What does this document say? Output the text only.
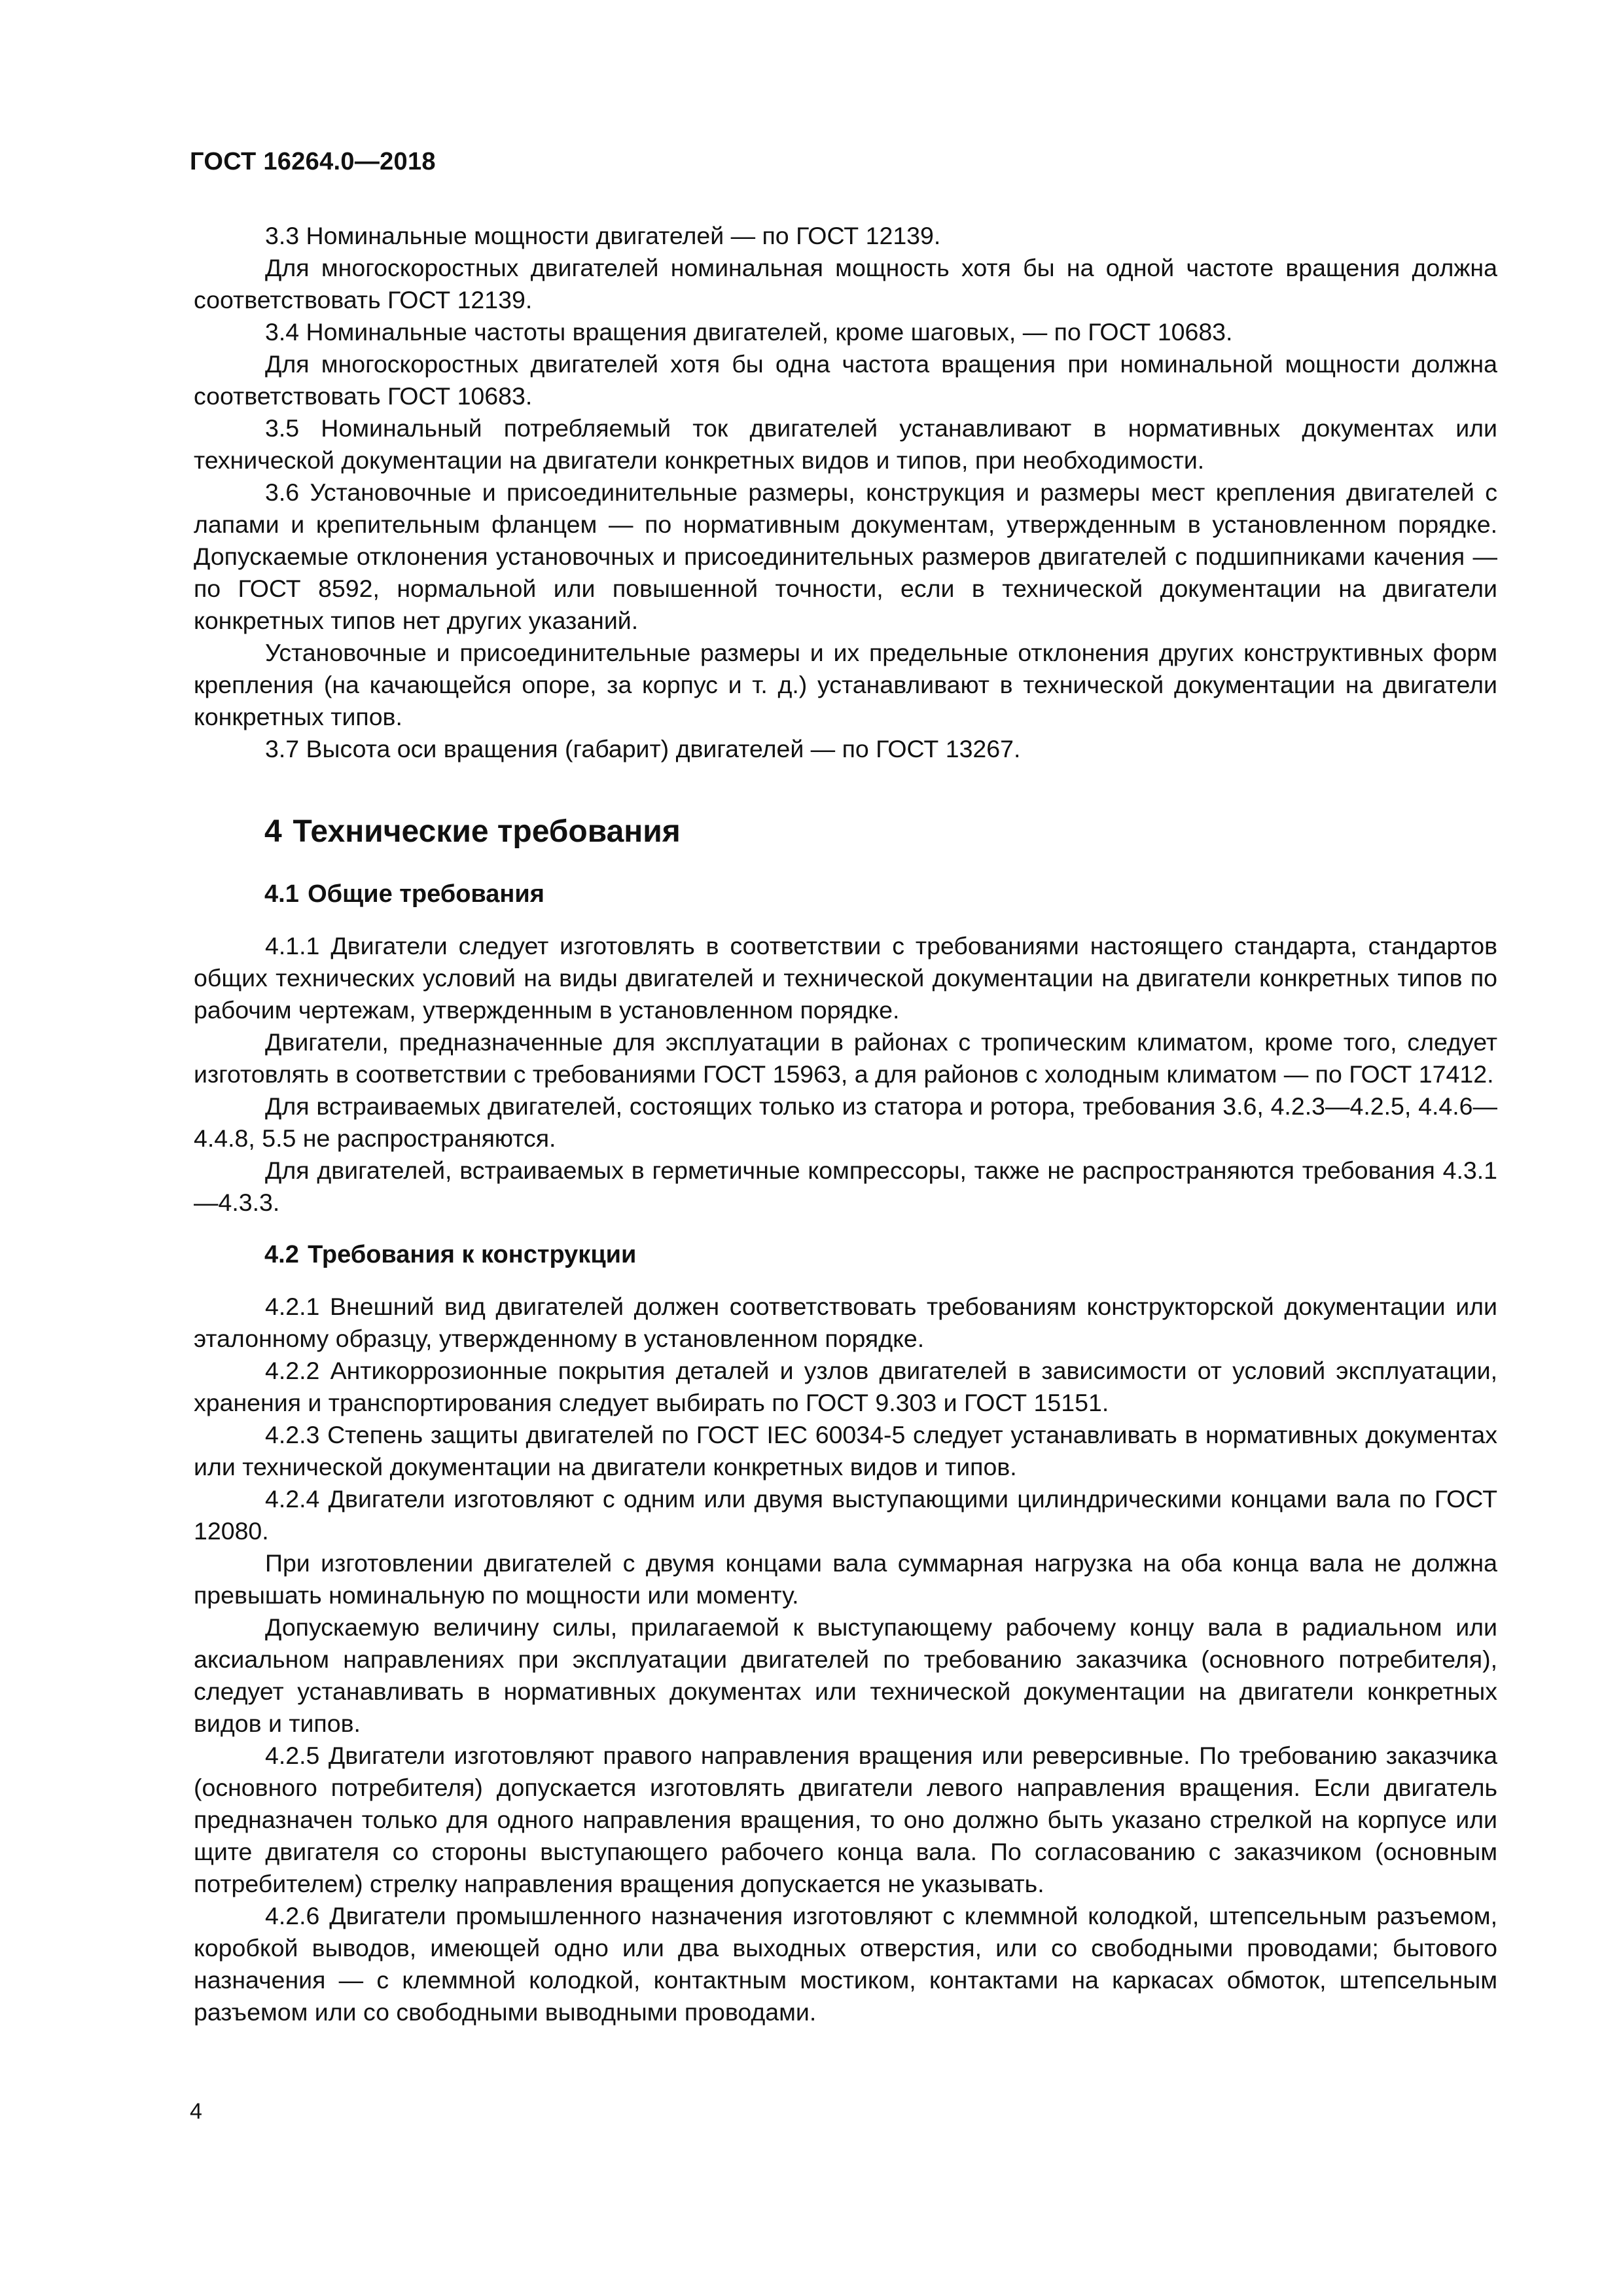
ГОСТ 16264.0—2018

3.3 Номинальные мощности двигателей — по ГОСТ 12139.

Для многоскоростных двигателей номинальная мощность хотя бы на одной частоте вращения должна соответствовать ГОСТ 12139.

3.4 Номинальные частоты вращения двигателей, кроме шаговых, — по ГОСТ 10683.

Для многоскоростных двигателей хотя бы одна частота вращения при номинальной мощности должна соответствовать ГОСТ 10683.

3.5 Номинальный потребляемый ток двигателей устанавливают в нормативных документах или технической документации на двигатели конкретных видов и типов, при необходимости.

3.6 Установочные и присоединительные размеры, конструкция и размеры мест крепления двигателей с лапами и крепительным фланцем — по нормативным документам, утвержденным в установленном порядке. Допускаемые отклонения установочных и присоединительных размеров двигателей с подшипниками качения — по ГОСТ 8592, нормальной или повышенной точности, если в технической документации на двигатели конкретных типов нет других указаний.

Установочные и присоединительные размеры и их предельные отклонения других конструктивных форм крепления (на качающейся опоре, за корпус и т. д.) устанавливают в технической документации на двигатели конкретных типов.

3.7 Высота оси вращения (габарит) двигателей — по ГОСТ 13267.

4 Технические требования
4.1 Общие требования

4.1.1 Двигатели следует изготовлять в соответствии с требованиями настоящего стандарта, стандартов общих технических условий на виды двигателей и технической документации на двигатели конкретных типов по рабочим чертежам, утвержденным в установленном порядке.

Двигатели, предназначенные для эксплуатации в районах с тропическим климатом, кроме того, следует изготовлять в соответствии с требованиями ГОСТ 15963, а для районов с холодным климатом — по ГОСТ 17412.

Для встраиваемых двигателей, состоящих только из статора и ротора, требования 3.6, 4.2.3—4.2.5, 4.4.6—4.4.8, 5.5 не распространяются.

Для двигателей, встраиваемых в герметичные компрессоры, также не распространяются требования 4.3.1—4.3.3.

4.2 Требования к конструкции

4.2.1 Внешний вид двигателей должен соответствовать требованиям конструкторской документации или эталонному образцу, утвержденному в установленном порядке.

4.2.2 Антикоррозионные покрытия деталей и узлов двигателей в зависимости от условий эксплуатации, хранения и транспортирования следует выбирать по ГОСТ 9.303 и ГОСТ 15151.

4.2.3 Степень защиты двигателей по ГОСТ IEC 60034-5 следует устанавливать в нормативных документах или технической документации на двигатели конкретных видов и типов.

4.2.4 Двигатели изготовляют с одним или двумя выступающими цилиндрическими концами вала по ГОСТ 12080.

При изготовлении двигателей с двумя концами вала суммарная нагрузка на оба конца вала не должна превышать номинальную по мощности или моменту.

Допускаемую величину силы, прилагаемой к выступающему рабочему концу вала в радиальном или аксиальном направлениях при эксплуатации двигателей по требованию заказчика (основного потребителя), следует устанавливать в нормативных документах или технической документации на двигатели конкретных видов и типов.

4.2.5 Двигатели изготовляют правого направления вращения или реверсивные. По требованию заказчика (основного потребителя) допускается изготовлять двигатели левого направления вращения. Если двигатель предназначен только для одного направления вращения, то оно должно быть указано стрелкой на корпусе или щите двигателя со стороны выступающего рабочего конца вала. По согласованию с заказчиком (основным потребителем) стрелку направления вращения допускается не указывать.

4.2.6 Двигатели промышленного назначения изготовляют с клеммной колодкой, штепсельным разъемом, коробкой выводов, имеющей одно или два выходных отверстия, или со свободными проводами; бытового назначения — с клеммной колодкой, контактным мостиком, контактами на каркасах обмоток, штепсельным разъемом или со свободными выводными проводами.

4
